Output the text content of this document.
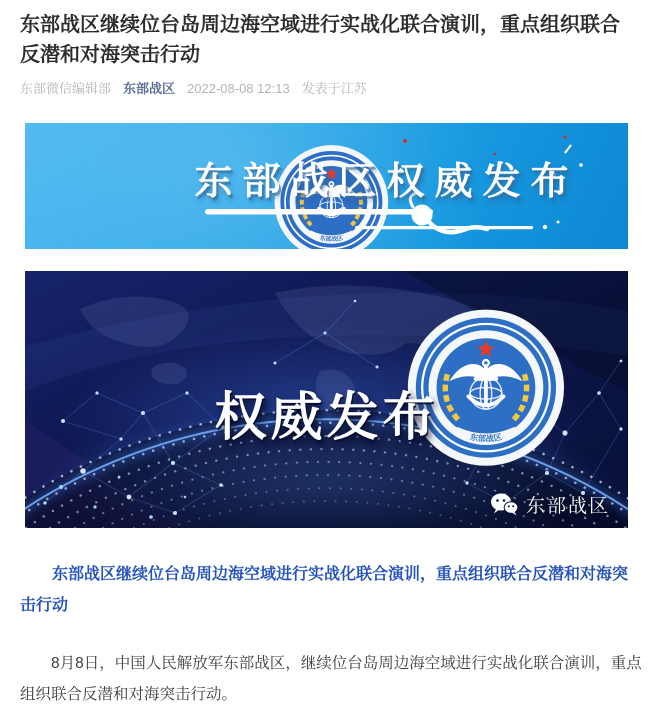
东部战区继续位台岛周边海空域进行实战化联合演训，重点组织联合反潜和对海突击行动
东部微信编辑部 东部战区 2022-08-08 12:13 发表于江苏
东部战区权威发布
权威发布
东部战区

东部战区继续位台岛周边海空域进行实战化联合演训，重点组织联合反潜和对海突击行动

8月8日，中国人民解放军东部战区，继续位台岛周边海空域进行实战化联合演训，重点组织联合反潜和对海突击行动。
